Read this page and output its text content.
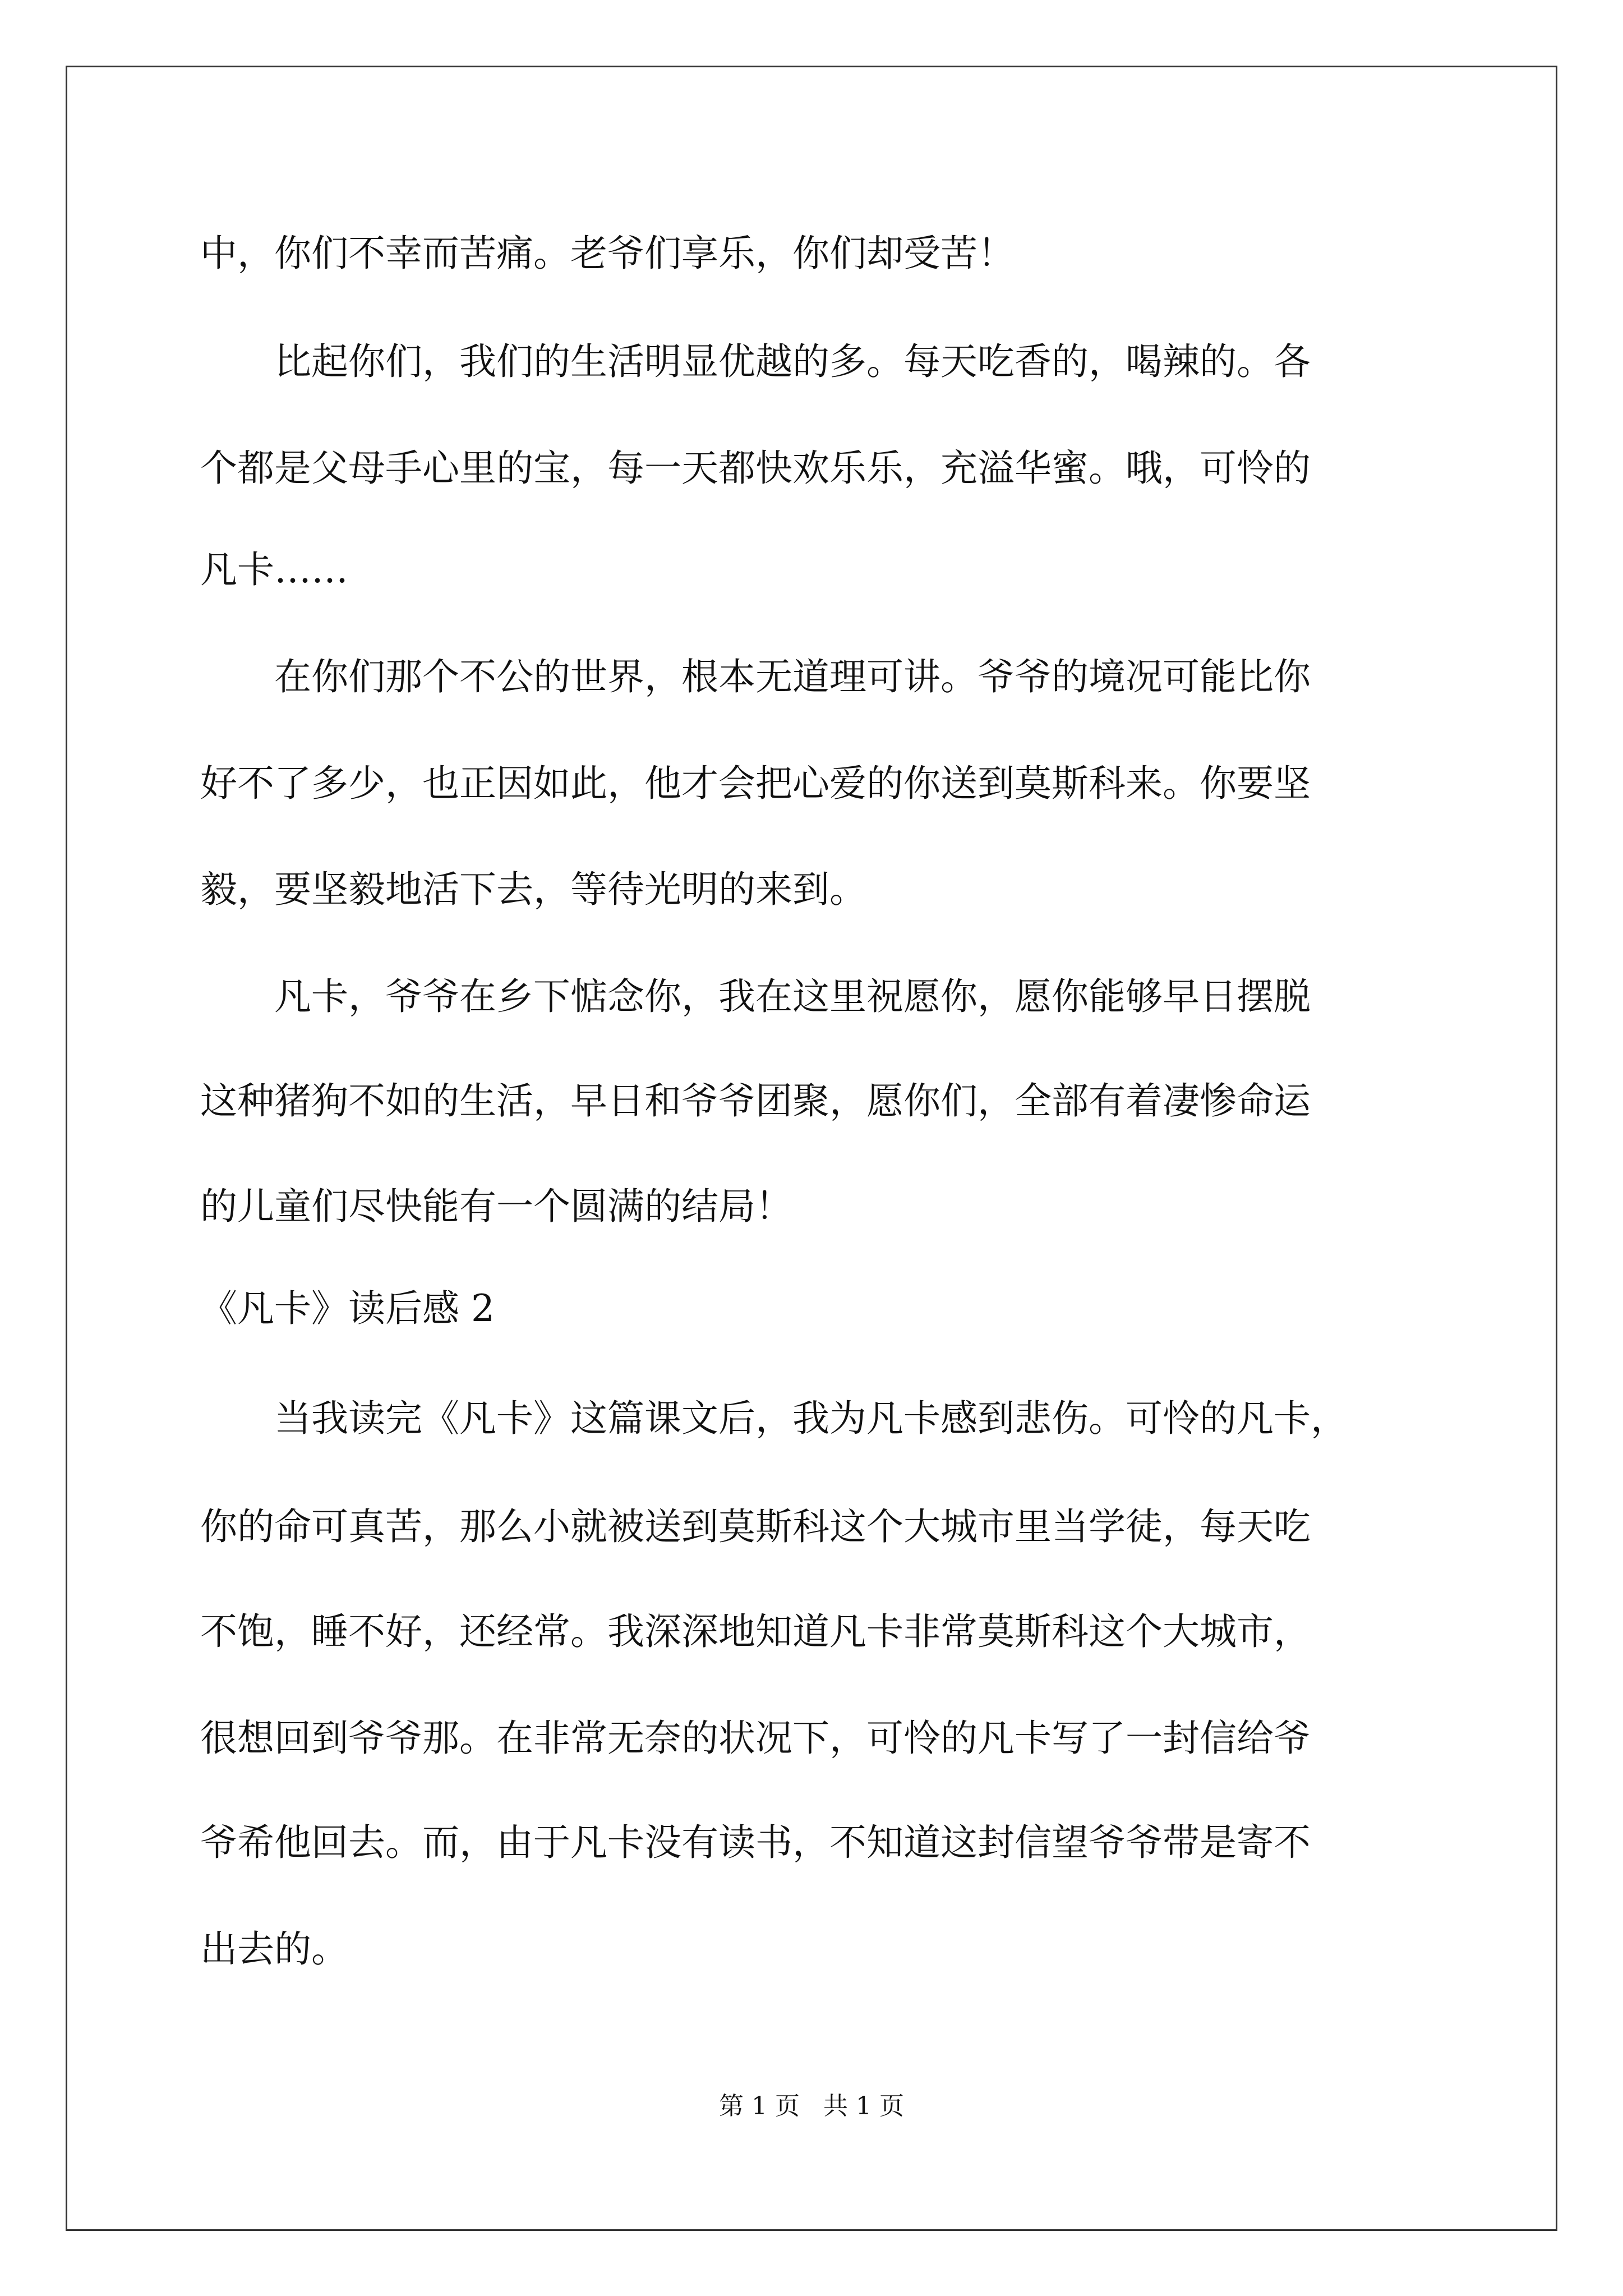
中，你们不幸而苦痛。老爷们享乐，你们却受苦！
　　比起你们，我们的生活明显优越的多。每天吃香的，喝辣的。各
个都是父母手心里的宝，每一天都快欢乐乐，充溢华蜜。哦，可怜的
凡卡……
　　在你们那个不公的世界，根本无道理可讲。爷爷的境况可能比你
好不了多少，也正因如此，他才会把心爱的你送到莫斯科来。你要坚
毅，要坚毅地活下去，等待光明的来到。
　　凡卡，爷爷在乡下惦念你，我在这里祝愿你，愿你能够早日摆脱
这种猪狗不如的生活，早日和爷爷团聚，愿你们，全部有着凄惨命运
的儿童们尽快能有一个圆满的结局！
《凡卡》读后感 2
　　当我读完《凡卡》这篇课文后，我为凡卡感到悲伤。可怜的凡卡，
你的命可真苦，那么小就被送到莫斯科这个大城市里当学徒，每天吃
不饱，睡不好，还经常。我深深地知道凡卡非常莫斯科这个大城市，
很想回到爷爷那。在非常无奈的状况下，可怜的凡卡写了一封信给爷
爷希他回去。而，由于凡卡没有读书，不知道这封信望爷爷带是寄不
出去的。
第 1 页   共 1 页
